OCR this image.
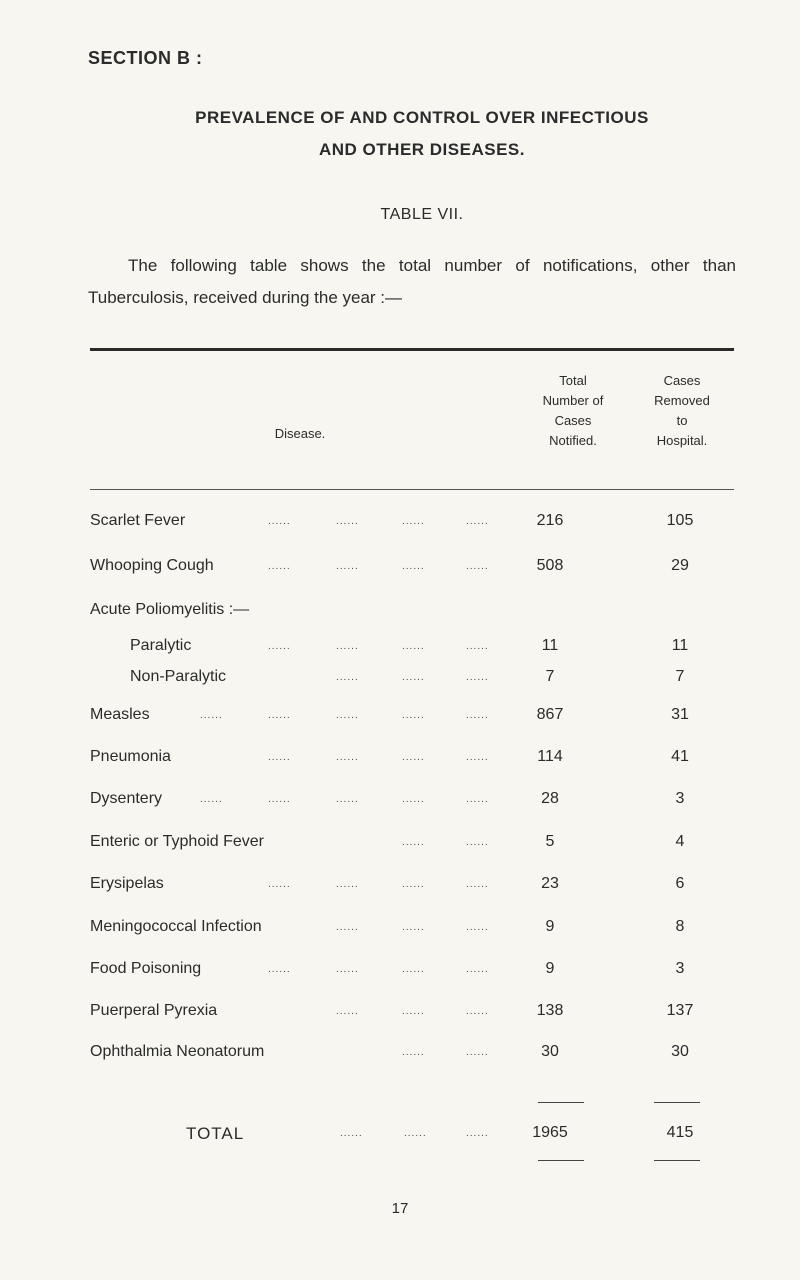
SECTION B :
PREVALENCE OF AND CONTROL OVER INFECTIOUS
AND OTHER DISEASES.
TABLE VII.

The following table shows the total number of notifications, other than Tuberculosis, received during the year :—

Disease.
Total
Number of
Cases
Notified.
Cases
Removed
to
Hospital.
Scarlet Fever	......	......	......	......	216	105
Whooping Cough	......	......	......	......	508	29
Acute Poliomyelitis :—
Paralytic	......	......	......	......	11	11
Non-Paralytic	......	......	......	7	7
Measles	......	......	......	......	......	867	31
Pneumonia	......	......	......	......	114	41
Dysentery	......	......	......	......	......	28	3
Enteric or Typhoid Fever	......	......	5	4
Erysipelas	......	......	......	......	23	6
Meningococcal Infection	......	......	......	9	8
Food Poisoning	......	......	......	......	9	3
Puerperal Pyrexia	......	......	......	138	137
Ophthalmia Neonatorum	......	......	30	30
TOTAL	......	......	......	1965	415
17
